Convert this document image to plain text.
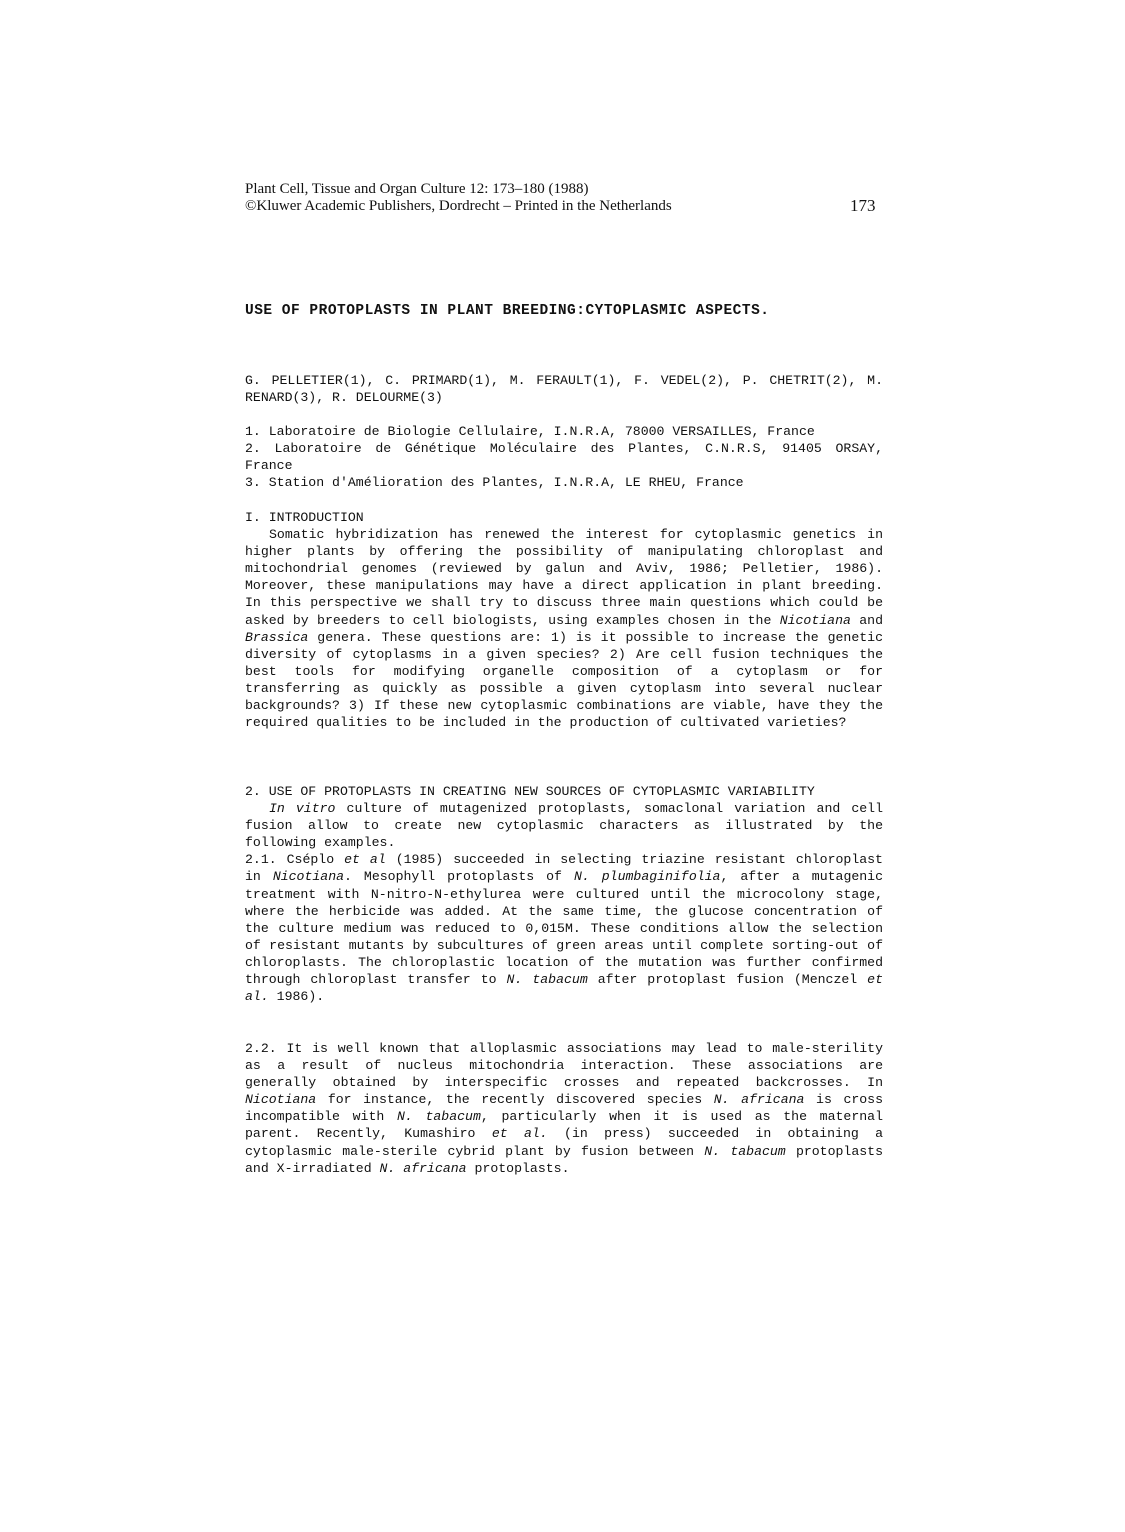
Plant Cell, Tissue and Organ Culture 12: 173–180 (1988)
©Kluwer Academic Publishers, Dordrecht – Printed in the Netherlands	173
USE OF PROTOPLASTS IN PLANT BREEDING:CYTOPLASMIC ASPECTS.
G. PELLETIER(1), C. PRIMARD(1), M. FERAULT(1), F. VEDEL(2), P. CHETRIT(2), M. RENARD(3), R. DELOURME(3)
1. Laboratoire de Biologie Cellulaire, I.N.R.A, 78000 VERSAILLES, France
2. Laboratoire de Génétique Moléculaire des Plantes, C.N.R.S, 91405 ORSAY, France
3. Station d'Amélioration des Plantes, I.N.R.A, LE RHEU, France

I. INTRODUCTION

Somatic hybridization has renewed the interest for cytoplasmic genetics in higher plants by offering the possibility of manipulating chloroplast and mitochondrial genomes (reviewed by galun and Aviv, 1986; Pelletier, 1986). Moreover, these manipulations may have a direct application in plant breeding. In this perspective we shall try to discuss three main questions which could be asked by breeders to cell biologists, using examples chosen in the Nicotiana and Brassica genera. These questions are: 1) is it possible to increase the genetic diversity of cytoplasms in a given species? 2) Are cell fusion techniques the best tools for modifying organelle composition of a cytoplasm or for transferring as quickly as possible a given cytoplasm into several nuclear backgrounds? 3) If these new cytoplasmic combinations are viable, have they the required qualities to be included in the production of cultivated varieties?

2. USE OF PROTOPLASTS IN CREATING NEW SOURCES OF CYTOPLASMIC VARIABILITY

In vitro culture of mutagenized protoplasts, somaclonal variation and cell fusion allow to create new cytoplasmic characters as illustrated by the following examples.

2.1. Cséplo et al (1985) succeeded in selecting triazine resistant chloroplast in Nicotiana. Mesophyll protoplasts of N. plumbaginifolia, after a mutagenic treatment with N-nitro-N-ethylurea were cultured until the microcolony stage, where the herbicide was added. At the same time, the glucose concentration of the culture medium was reduced to 0,015M. These conditions allow the selection of resistant mutants by subcultures of green areas until complete sorting-out of chloroplasts. The chloroplastic location of the mutation was further confirmed through chloroplast transfer to N. tabacum after protoplast fusion (Menczel et al. 1986).

2.2. It is well known that alloplasmic associations may lead to male-sterility as a result of nucleus mitochondria interaction. These associations are generally obtained by interspecific crosses and repeated backcrosses. In Nicotiana for instance, the recently discovered species N. africana is cross incompatible with N. tabacum, particularly when it is used as the maternal parent. Recently, Kumashiro et al. (in press) succeeded in obtaining a cytoplasmic male-sterile cybrid plant by fusion between N. tabacum protoplasts and X-irradiated N. africana protoplasts.
